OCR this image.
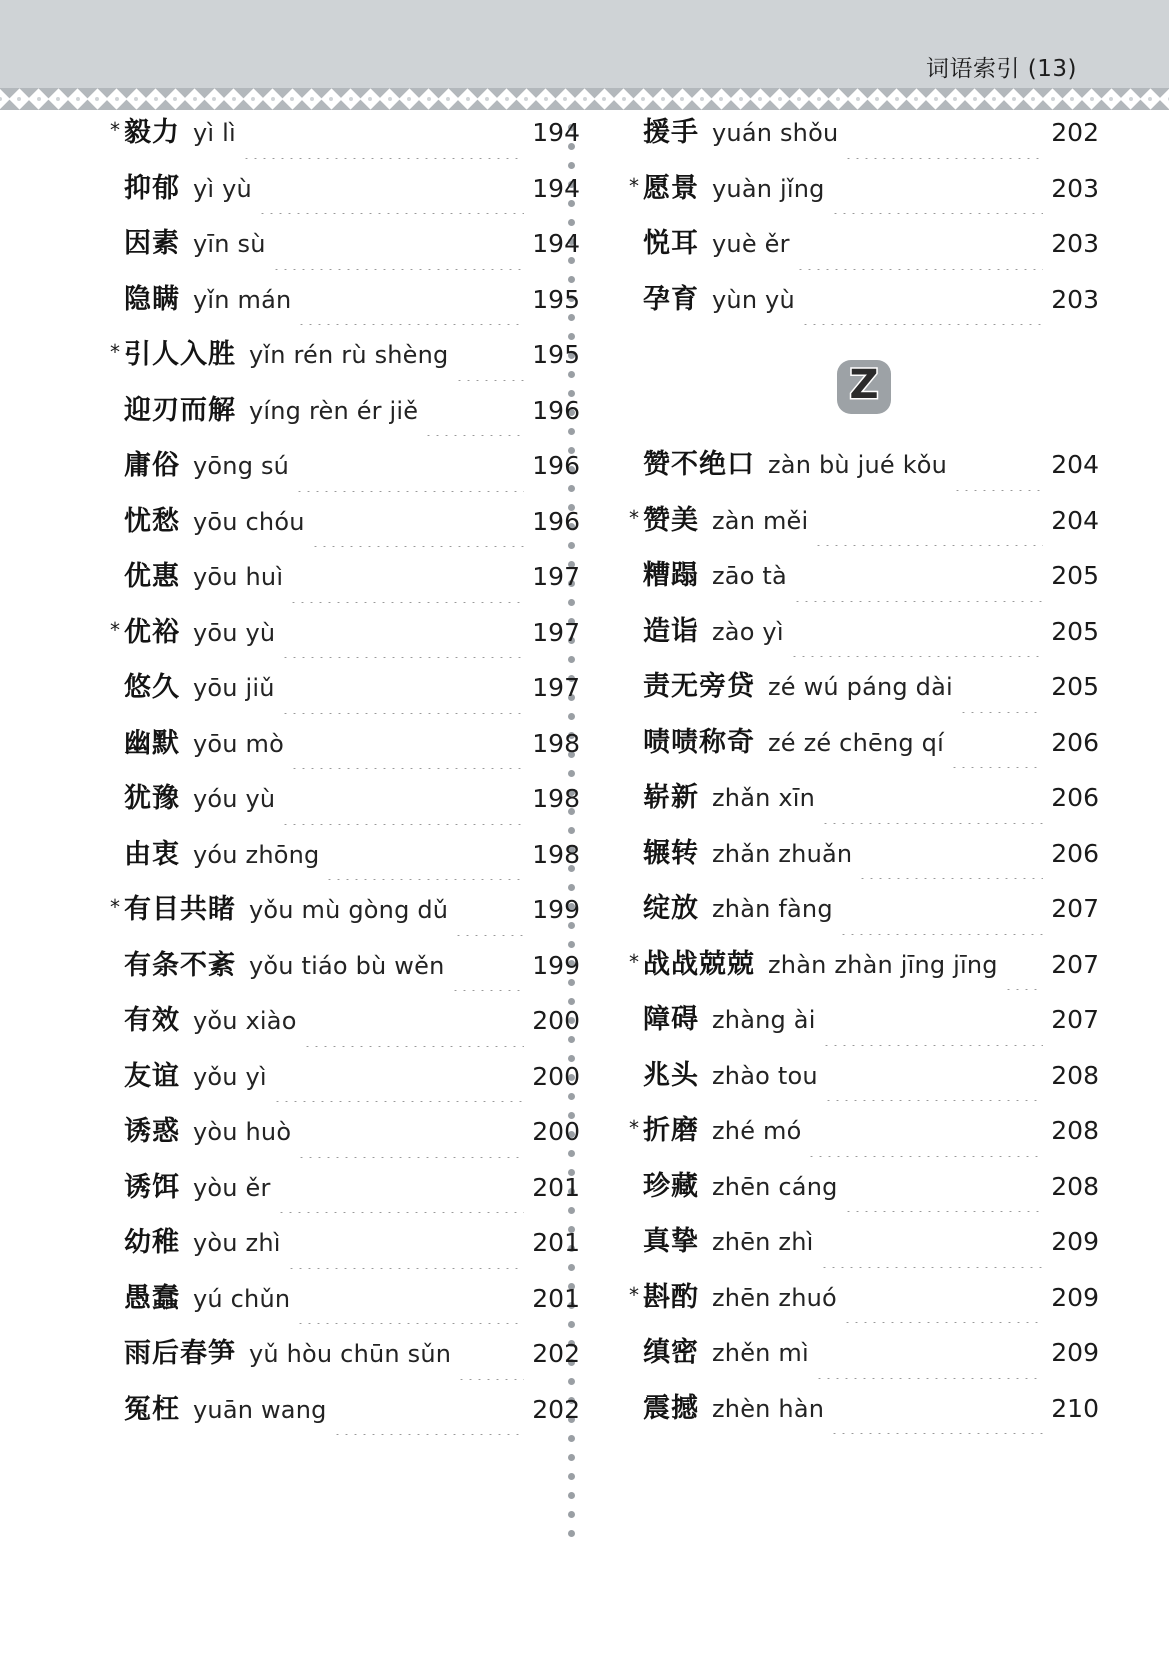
词语索引 (13)
* 毅力 yì lì	194
抑郁 yì yù	194
因素 yīn sù	194
隐瞒 yǐn mán	195
* 引人入胜 yǐn rén rù shèng	195
迎刃而解 yíng rèn ér jiě	196
庸俗 yōng sú	196
忧愁 yōu chóu	196
优惠 yōu huì	197
* 优裕 yōu yù	197
悠久 yōu jiǔ	197
幽默 yōu mò	198
犹豫 yóu yù	198
由衷 yóu zhōng	198
* 有目共睹 yǒu mù gòng dǔ	199
有条不紊 yǒu tiáo bù wěn	199
有效 yǒu xiào	200
友谊 yǒu yì	200
诱惑 yòu huò	200
诱饵 yòu ěr	201
幼稚 yòu zhì	201
愚蠢 yú chǔn	201
雨后春笋 yǔ hòu chūn sǔn	202
冤枉 yuān wang	202
援手 yuán shǒu	202
* 愿景 yuàn jǐng	203
悦耳 yuè ěr	203
孕育 yùn yù	203
Z
赞不绝口 zàn bù jué kǒu	204
* 赞美 zàn měi	204
糟蹋 zāo tà	205
造诣 zào yì	205
责无旁贷 zé wú páng dài	205
啧啧称奇 zé zé chēng qí	206
崭新 zhǎn xīn	206
辗转 zhǎn zhuǎn	206
绽放 zhàn fàng	207
* 战战兢兢 zhàn zhàn jīng jīng 207
障碍 zhàng ài	207
兆头 zhào tou	208
* 折磨 zhé mó	208
珍藏 zhēn cáng	208
真挚 zhēn zhì	209
* 斟酌 zhēn zhuó	209
缜密 zhěn mì	209
震撼 zhèn hàn	210
